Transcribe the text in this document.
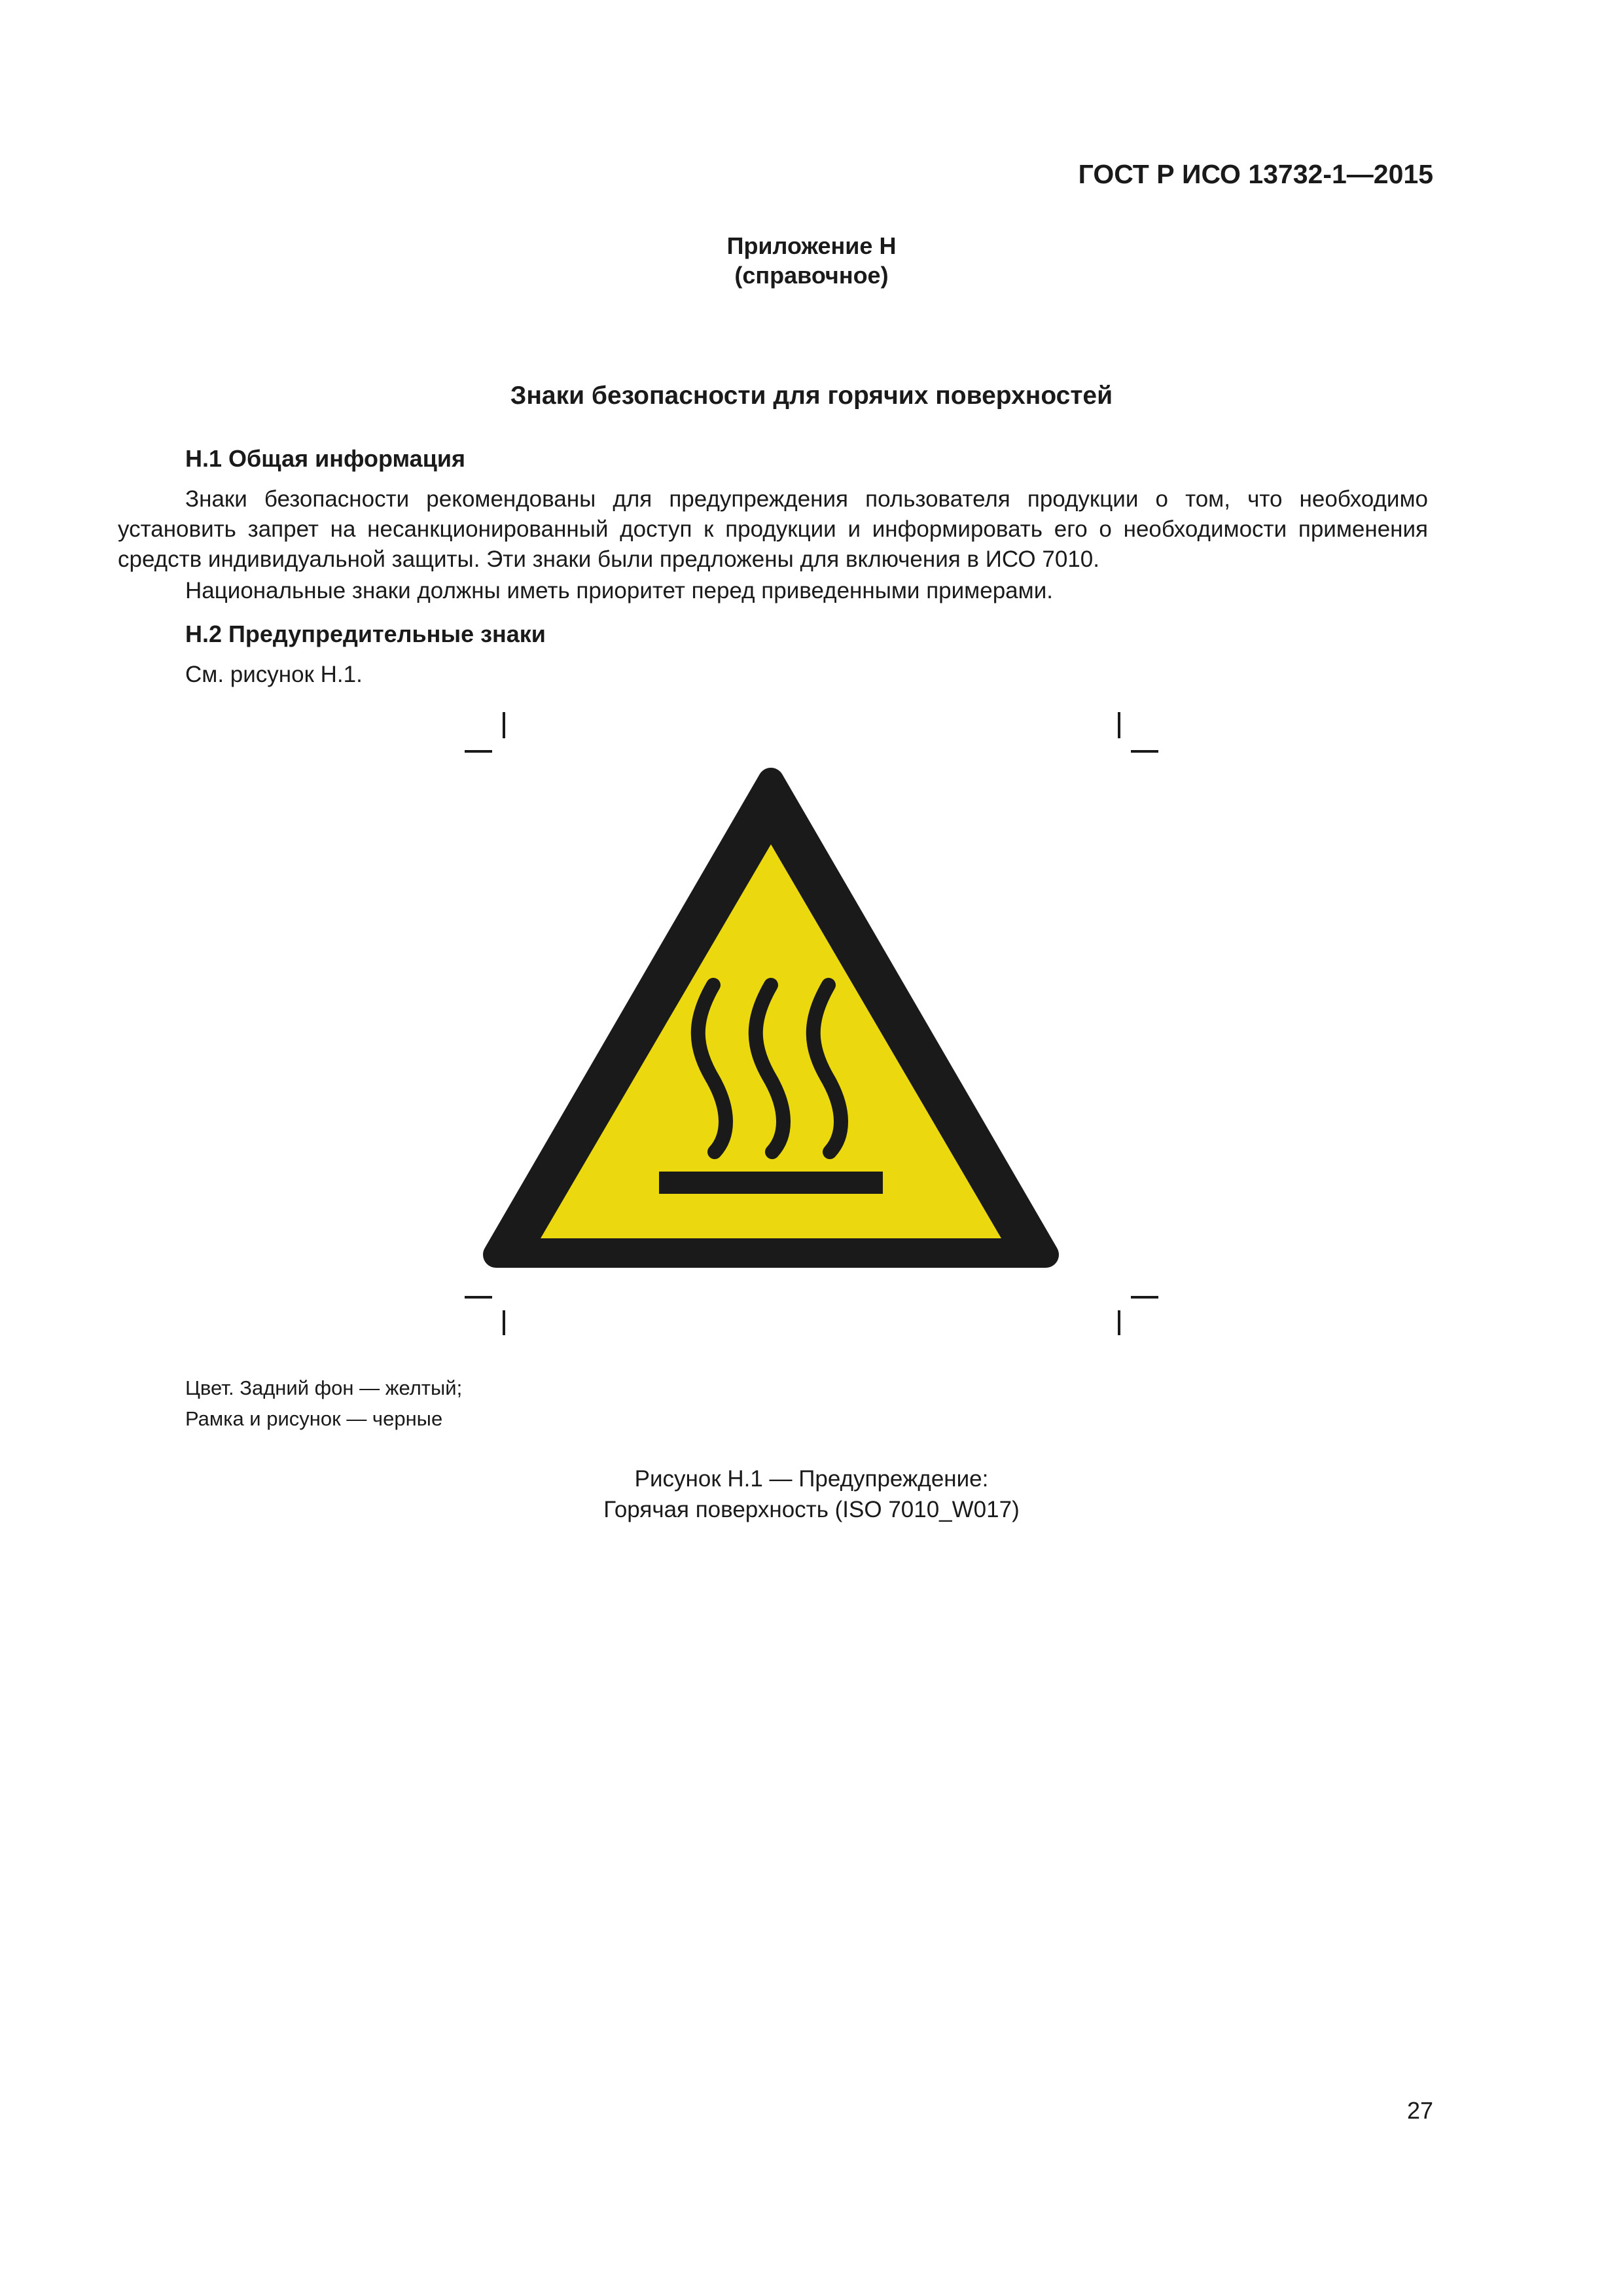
ГОСТ Р ИСО 13732-1—2015
Приложение Н
(справочное)
Знаки безопасности для горячих поверхностей
Н.1 Общая информация
Знаки безопасности рекомендованы для предупреждения пользователя продукции о том, что необходимо установить запрет на несанкционированный доступ к продукции и информировать его о необходимости применения средств индивидуальной защиты. Эти знаки были предложены для включения в ИСО 7010.
Национальные знаки должны иметь приоритет перед приведенными примерами.
Н.2 Предупредительные знаки
См. рисунок Н.1.
Цвет. Задний фон — желтый;
Рамка и рисунок — черные
Рисунок Н.1 — Предупреждение:
Горячая поверхность (ISO 7010_W017)
27
